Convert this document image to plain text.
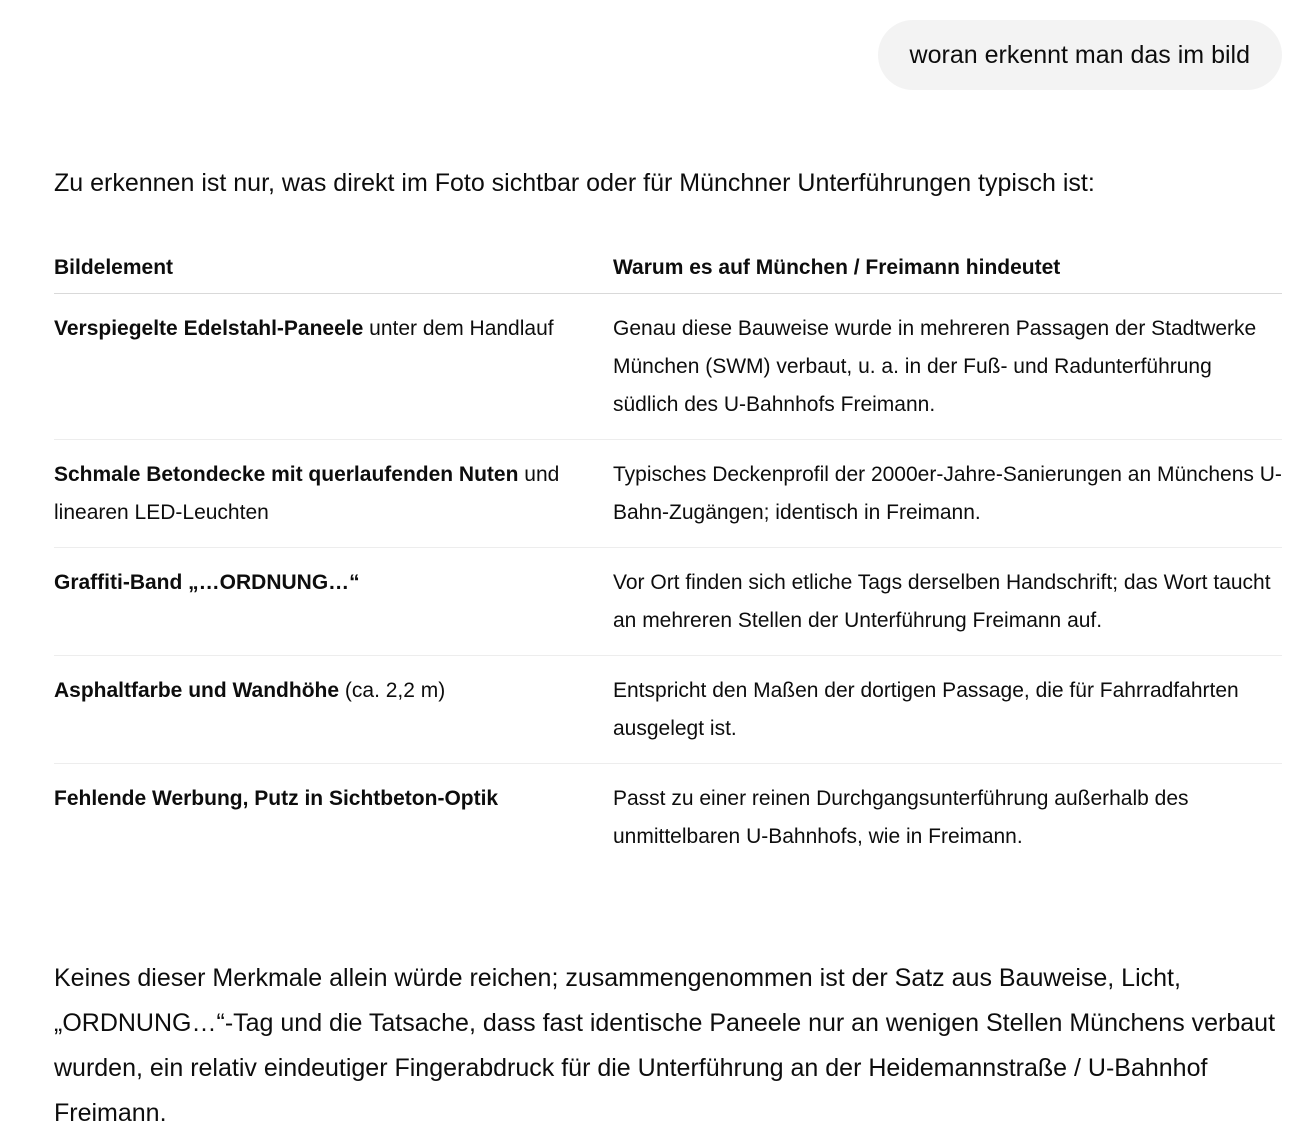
woran erkennt man das im bild

Zu erkennen ist nur, was direkt im Foto sichtbar oder für Münchner Unterführungen typisch ist:

Bildelement	Warum es auf München / Freimann hindeutet
Verspiegelte Edelstahl-Paneele unter dem Handlauf	Genau diese Bauweise wurde in mehreren Passagen der Stadtwerke München (SWM) verbaut, u. a. in der Fuß- und Radunterführung südlich des U-Bahnhofs Freimann.
Schmale Betondecke mit querlaufenden Nuten und linearen LED-Leuchten	Typisches Deckenprofil der 2000er-Jahre-Sanierungen an Münchens U-Bahn-Zugängen; identisch in Freimann.
Graffiti-Band „…ORDNUNG…“	Vor Ort finden sich etliche Tags derselben Handschrift; das Wort taucht an mehreren Stellen der Unterführung Freimann auf.
Asphaltfarbe und Wandhöhe (ca. 2,2 m)	Entspricht den Maßen der dortigen Passage, die für Fahrradfahrten ausgelegt ist.
Fehlende Werbung, Putz in Sichtbeton-Optik	Passt zu einer reinen Durchgangsunterführung außerhalb des unmittelbaren U-Bahnhofs, wie in Freimann.

Keines dieser Merkmale allein würde reichen; zusammengenommen ist der Satz aus Bauweise, Licht, „ORDNUNG…“-Tag und die Tatsache, dass fast identische Paneele nur an wenigen Stellen Münchens verbaut wurden, ein relativ eindeutiger Fingerabdruck für die Unterführung an der Heidemannstraße / U-Bahnhof Freimann.
